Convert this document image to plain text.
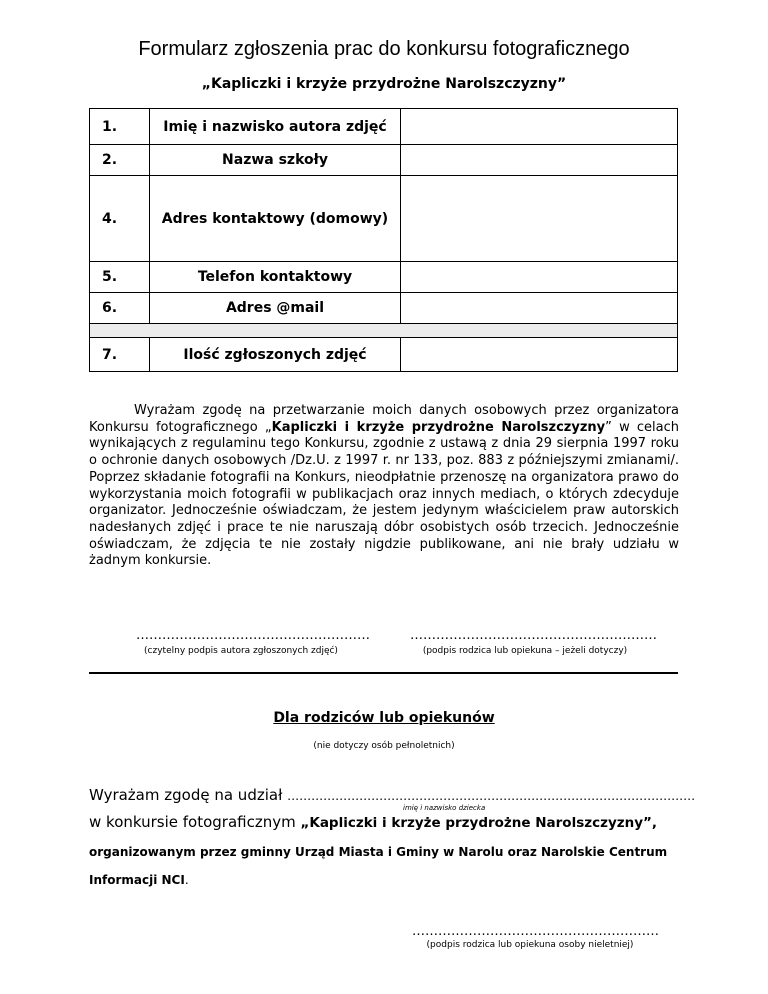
Formularz zgłoszenia prac do konkursu fotograficznego
„Kapliczki i krzyże przydrożne Narolszczyzny”
1.	Imię i nazwisko autora zdjęć	
2.	Nazwa szkoły	
4.	Adres kontaktowy (domowy)	
5.	Telefon kontaktowy	
6.	Adres @mail	

7.	Ilość zgłoszonych zdjęć	

Wyrażam zgodę na przetwarzanie moich danych osobowych przez organizatora Konkursu fotograficznego „Kapliczki i krzyże przydrożne Narolszczyzny” w celach wynikających z regulaminu tego Konkursu, zgodnie z ustawą z dnia 29 sierpnia 1997 roku o ochronie danych osobowych /Dz.U. z 1997 r. nr 133, poz. 883 z późniejszymi zmianami/. Poprzez składanie fotografii na Konkurs, nieodpłatnie przenoszę na organizatora prawo do wykorzystania moich fotografii w publikacjach oraz innych mediach, o których zdecyduje organizator. Jednocześnie oświadczam, że jestem jedynym właścicielem praw autorskich nadesłanych zdjęć i prace te nie naruszają dóbr osobistych osób trzecich. Jednocześnie oświadczam, że zdjęcia te nie zostały nigdzie publikowane, ani nie brały udziału w żadnym konkursie.

………………………………………………
(czytelny podpis autora zgłoszonych zdjęć)
…………………………………………………
(podpis rodzica lub opiekuna – jeżeli dotyczy)
Dla rodziców lub opiekunów
(nie dotyczy osób pełnoletnich)
Wyrażam zgodę na udział …………………………………………………………………………………………
imię i nazwisko dziecka
w konkursie fotograficznym „Kapliczki i krzyże przydrożne Narolszczyzny”,
organizowanym przez gminny Urząd Miasta i Gminy w Narolu oraz Narolskie Centrum
Informacji NCI.
…………………………………………………
(podpis rodzica lub opiekuna osoby nieletniej)
